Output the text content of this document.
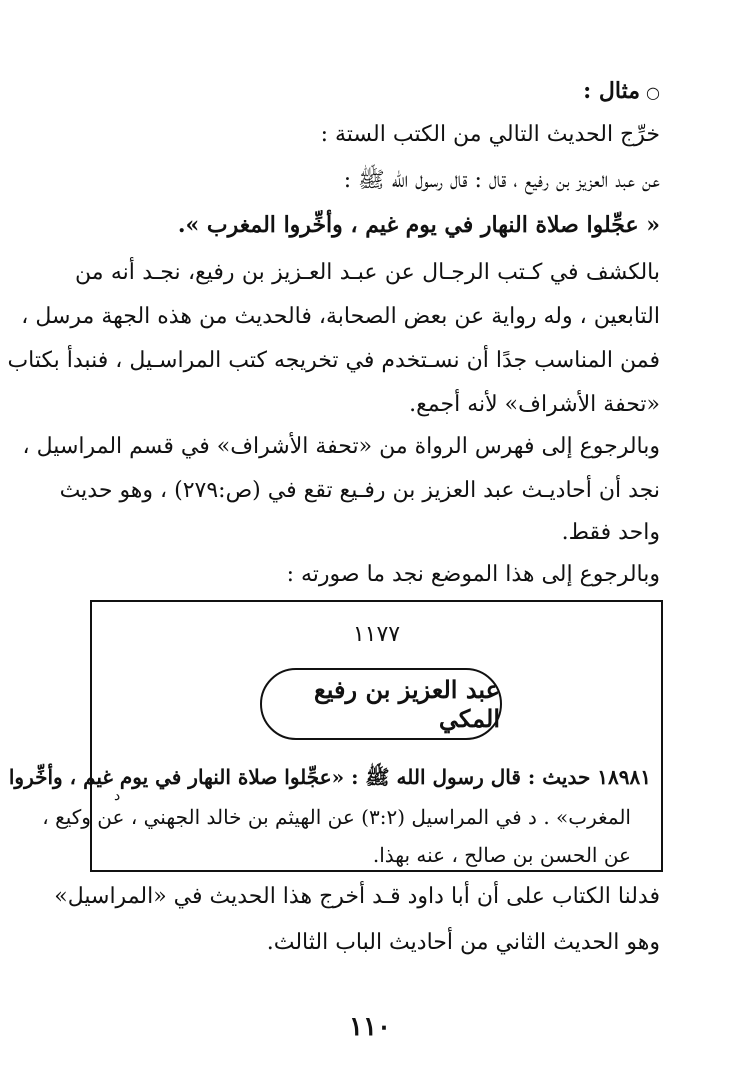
○مثال :
خرِّج الحديث التالي من الكتب الستة :
عن عبد العزيز بن رفيع ، قال : قال رسول الله ﷺ :
« عجِّلوا صلاة النهار في يوم غيم ، وأخِّروا المغرب ».
بالكشف في كـتب الرجـال عن عبـد العـزيز بن رفيع، نجـد أنه من
التابعين ، وله رواية عن بعض الصحابة، فالحديث من هذه الجهة مرسل ،
فمن المناسب جدًا أن نسـتخدم في تخريجه كتب المراسـيل ، فنبدأ بكتاب
«تحفة الأشراف» لأنه أجمع.
وبالرجوع إلى فهرس الرواة من «تحفة الأشراف» في قسم المراسيل ،
نجد أن أحاديـث عبد العزيز بن رفـيع تقع في (ص:٢٧٩) ، وهو حديث
واحد فقط.
وبالرجوع إلى هذا الموضع نجد ما صورته :
١١٧٧
عبد العزيز بن رفيع المكي
١٨٩٨١ حديث : قال رسول الله ﷺ : «عجِّلوا صلاة النهار في يوم غيم ، وأخِّروا
د
المغرب» . د في المراسيل (٣:٢) عن الهيثم بن خالد الجهني ، عن وكيع ،
عن الحسن بن صالح ، عنه بهذا.
فدلنا الكتاب على أن أبا داود قـد أخرج هذا الحديث في «المراسيل»
وهو الحديث الثاني من أحاديث الباب الثالث.
١١٠
